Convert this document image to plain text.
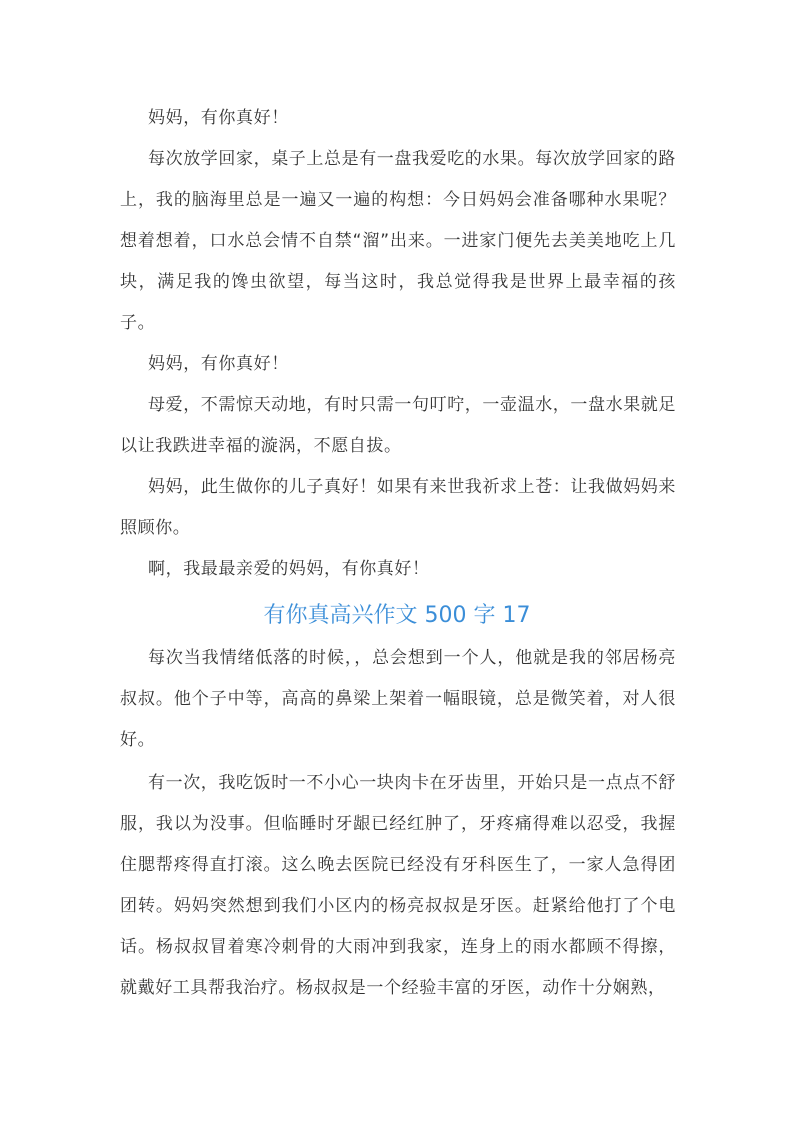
妈妈，有你真好！

每次放学回家，桌子上总是有一盘我爱吃的水果。每次放学回家的路上，我的脑海里总是一遍又一遍的构想：今日妈妈会准备哪种水果呢？想着想着，口水总会情不自禁“溜”出来。一进家门便先去美美地吃上几块，满足我的馋虫欲望，每当这时，我总觉得我是世界上最幸福的孩子。

妈妈，有你真好！

母爱，不需惊天动地，有时只需一句叮咛，一壶温水，一盘水果就足以让我跌进幸福的漩涡，不愿自拔。

妈妈，此生做你的儿子真好！如果有来世我祈求上苍：让我做妈妈来照顾你。

啊，我最最亲爱的妈妈，有你真好！

有你真高兴作文 500 字 17

每次当我情绪低落的时候，，总会想到一个人，他就是我的邻居杨亮叔叔。他个子中等，高高的鼻梁上架着一幅眼镜，总是微笑着，对人很好。

有一次，我吃饭时一不小心一块肉卡在牙齿里，开始只是一点点不舒服，我以为没事。但临睡时牙龈已经红肿了，牙疼痛得难以忍受，我握住腮帮疼得直打滚。这么晚去医院已经没有牙科医生了，一家人急得团团转。妈妈突然想到我们小区内的杨亮叔叔是牙医。赶紧给他打了个电话。杨叔叔冒着寒冷刺骨的大雨冲到我家，连身上的雨水都顾不得擦，就戴好工具帮我治疗。杨叔叔是一个经验丰富的牙医，动作十分娴熟，
